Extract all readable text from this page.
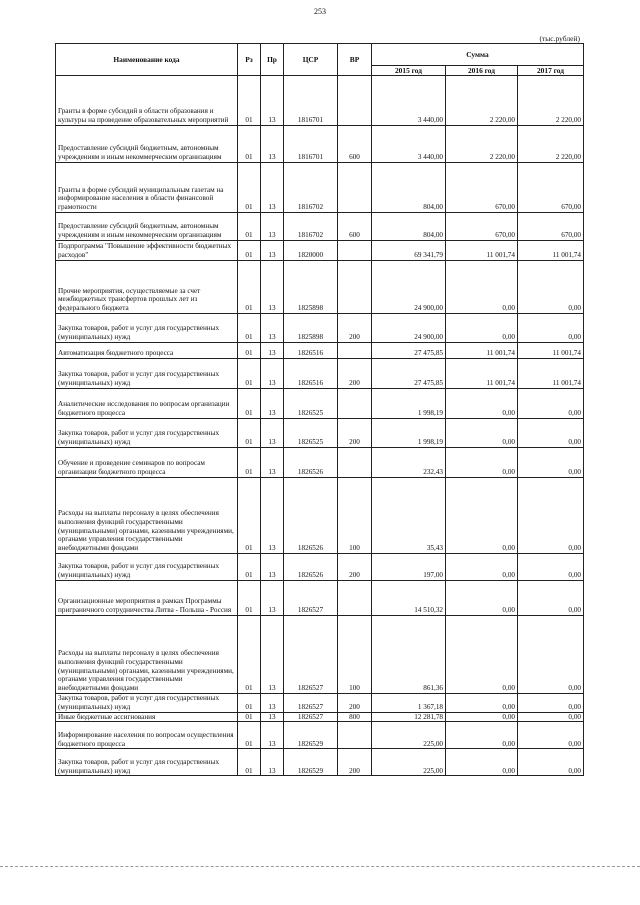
253
(тыс.рублей)
Наименование кода	Рз	Пр	ЦСР	ВР	Сумма		
					2015 год	2016 год	2017 год
Гранты в форме субсидий в области образования и культуры на проведение образовательных мероприятий	01	13	1816701		3 440,00	2 220,00	2 220,00
Предоставление субсидий бюджетным, автономным учреждениям и иным некоммерческим организациям	01	13	1816701	600	3 440,00	2 220,00	2 220,00
Гранты в форме субсидий муниципальным газетам на информирование населения в области финансовой грамотности	01	13	1816702		804,00	670,00	670,00
Предоставление субсидий бюджетным, автономным учреждениям и иным некоммерческим организациям	01	13	1816702	600	804,00	670,00	670,00
Подпрограмма "Повышение эффективности бюджетных расходов"	01	13	1820000		69 341,79	11 001,74	11 001,74
Прочие мероприятия, осуществляемые за счет межбюджетных трансфертов прошлых лет из федерального бюджета	01	13	1825898		24 900,00	0,00	0,00
Закупка товаров, работ и услуг для государственных (муниципальных) нужд	01	13	1825898	200	24 900,00	0,00	0,00
Автоматизация бюджетного процесса	01	13	1826516		27 475,85	11 001,74	11 001,74
Закупка товаров, работ и услуг для государственных (муниципальных) нужд	01	13	1826516	200	27 475,85	11 001,74	11 001,74
Аналитические исследования по вопросам организации бюджетного процесса	01	13	1826525		1 998,19	0,00	0,00
Закупка товаров, работ и услуг для государственных (муниципальных) нужд	01	13	1826525	200	1 998,19	0,00	0,00
Обучение и проведение семинаров по вопросам организации бюджетного процесса	01	13	1826526		232,43	0,00	0,00
Расходы на выплаты персоналу в целях обеспечения выполнения функций государственными (муниципальными) органами, казенными учреждениями, органами управления государственными внебюджетными фондами	01	13	1826526	100	35,43	0,00	0,00
Закупка товаров, работ и услуг для государственных (муниципальных) нужд	01	13	1826526	200	197,00	0,00	0,00
Организационные мероприятия в рамках Программы приграничного сотрудничества Литва - Польша - Россия	01	13	1826527		14 510,32	0,00	0,00
Расходы на выплаты персоналу в целях обеспечения выполнения функций государственными (муниципальными) органами, казенными учреждениями, органами управления государственными внебюджетными фондами	01	13	1826527	100	861,36	0,00	0,00
Закупка товаров, работ и услуг для государственных (муниципальных) нужд	01	13	1826527	200	1 367,18	0,00	0,00
Иные бюджетные ассигнования	01	13	1826527	800	12 281,78	0,00	0,00
Информирование населения по вопросам осуществления бюджетного процесса	01	13	1826529		225,00	0,00	0,00
Закупка товаров, работ и услуг для государственных (муниципальных) нужд	01	13	1826529	200	225,00	0,00	0,00
